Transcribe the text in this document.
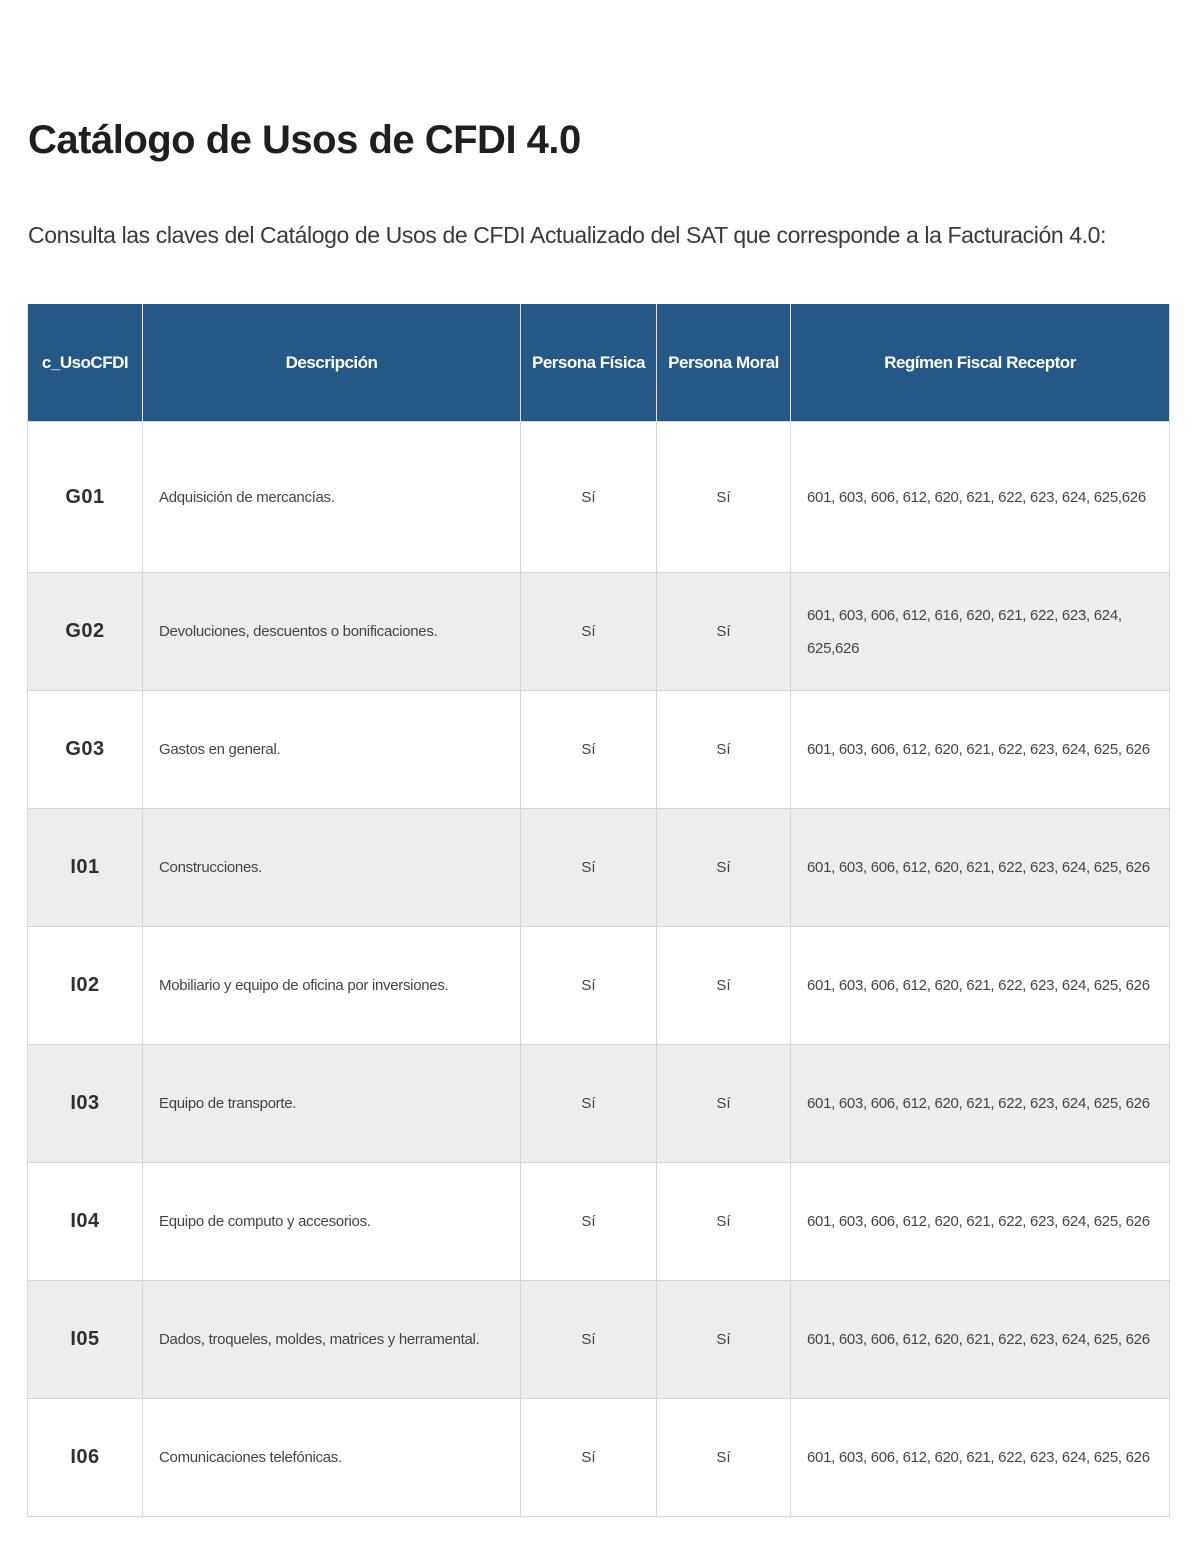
Catálogo de Usos de CFDI 4.0

Consulta las claves del Catálogo de Usos de CFDI Actualizado del SAT que corresponde a la Facturación 4.0:

c_UsoCFDI	Descripción	Persona Física	Persona Moral	Regímen Fiscal Receptor
G01	Adquisición de mercancías.	Sí	Sí	601, 603, 606, 612, 620, 621, 622, 623, 624, 625,626
G02	Devoluciones, descuentos o bonificaciones.	Sí	Sí	601, 603, 606, 612, 616, 620, 621, 622, 623, 624, 625,626
G03	Gastos en general.	Sí	Sí	601, 603, 606, 612, 620, 621, 622, 623, 624, 625, 626
I01	Construcciones.	Sí	Sí	601, 603, 606, 612, 620, 621, 622, 623, 624, 625, 626
I02	Mobiliario y equipo de oficina por inversiones.	Sí	Sí	601, 603, 606, 612, 620, 621, 622, 623, 624, 625, 626
I03	Equipo de transporte.	Sí	Sí	601, 603, 606, 612, 620, 621, 622, 623, 624, 625, 626
I04	Equipo de computo y accesorios.	Sí	Sí	601, 603, 606, 612, 620, 621, 622, 623, 624, 625, 626
I05	Dados, troqueles, moldes, matrices y herramental.	Sí	Sí	601, 603, 606, 612, 620, 621, 622, 623, 624, 625, 626
I06	Comunicaciones telefónicas.	Sí	Sí	601, 603, 606, 612, 620, 621, 622, 623, 624, 625, 626
